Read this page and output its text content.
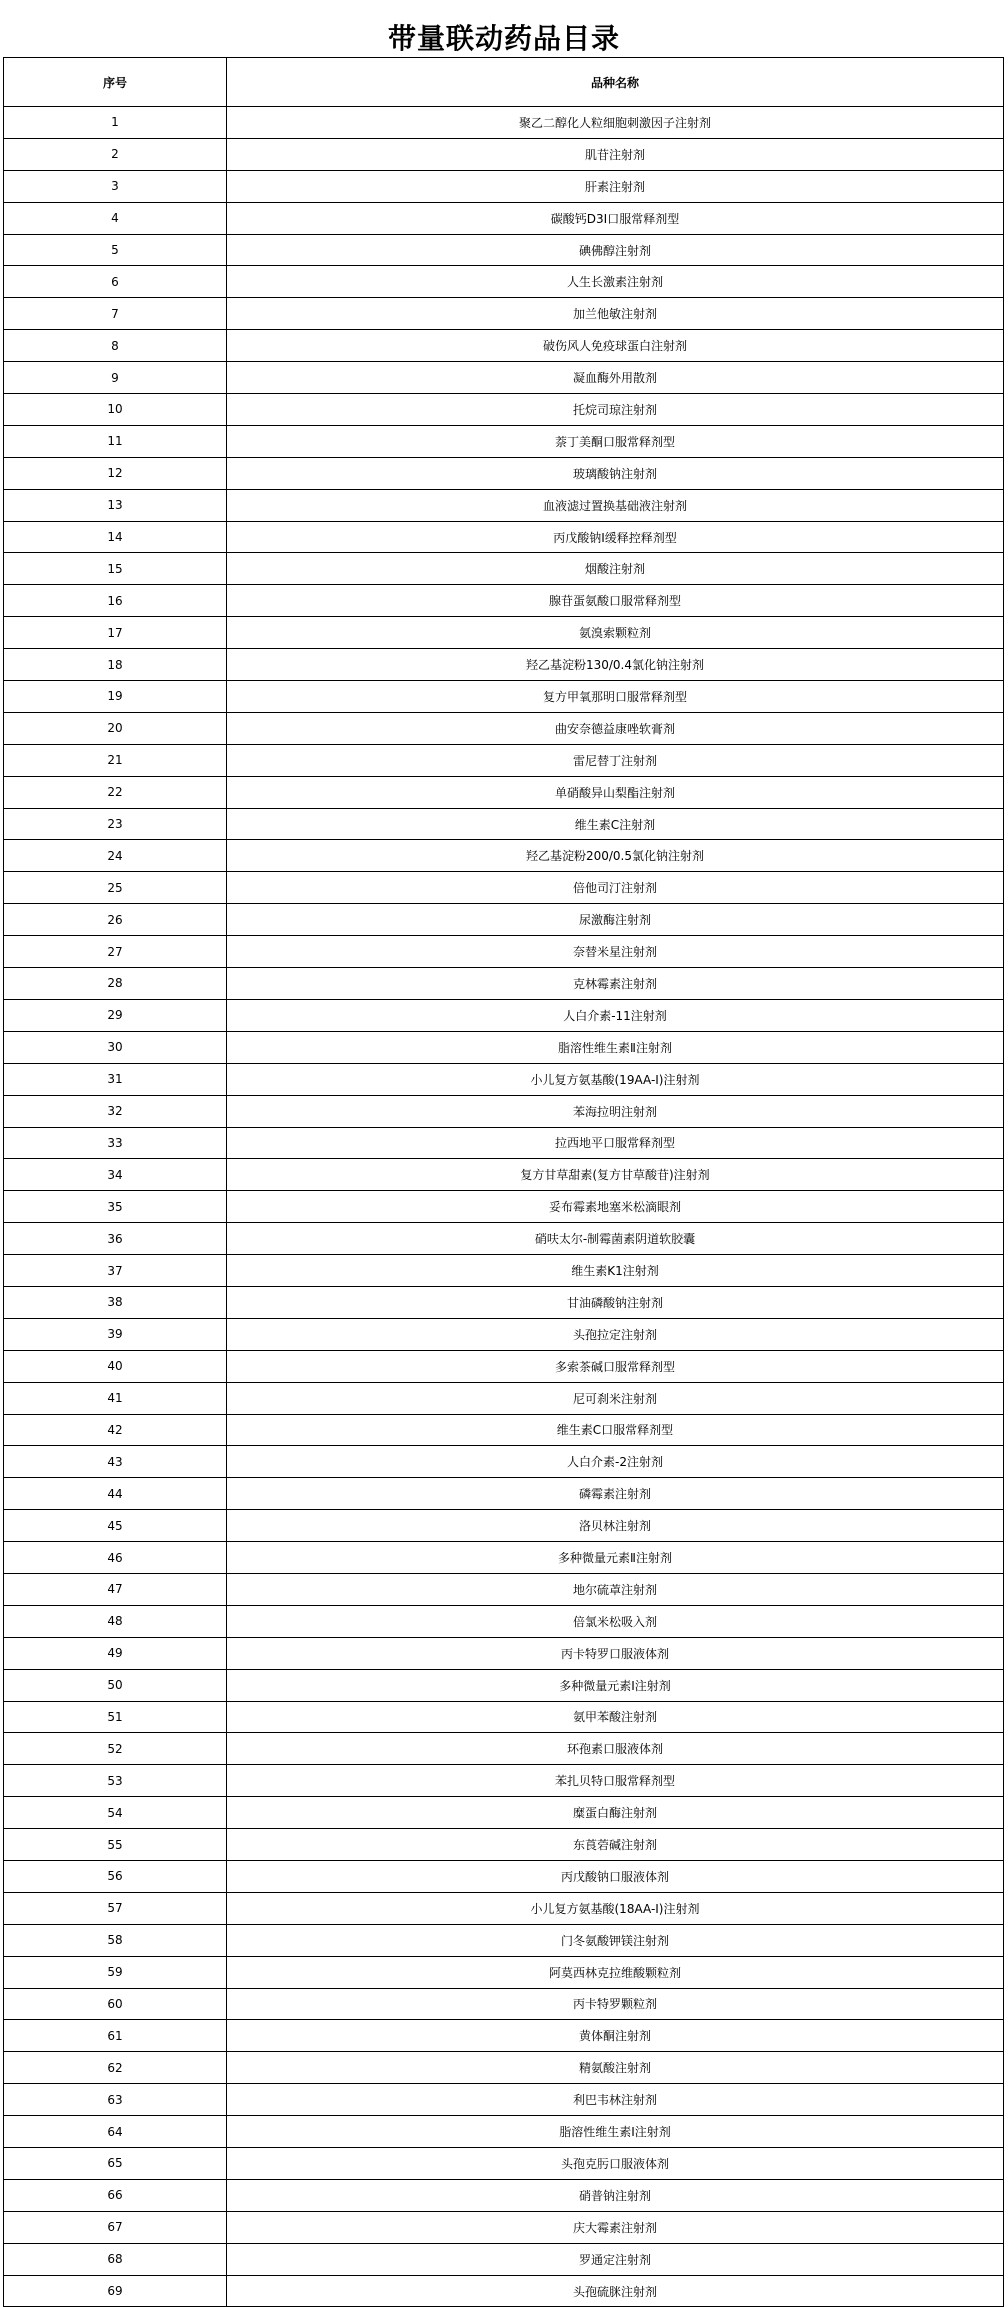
带量联动药品目录
序号	品种名称
1	聚乙二醇化人粒细胞刺激因子注射剂
2	肌苷注射剂
3	肝素注射剂
4	碳酸钙D3Ⅰ口服常释剂型
5	碘佛醇注射剂
6	人生长激素注射剂
7	加兰他敏注射剂
8	破伤风人免疫球蛋白注射剂
9	凝血酶外用散剂
10	托烷司琼注射剂
11	萘丁美酮口服常释剂型
12	玻璃酸钠注射剂
13	血液滤过置换基础液注射剂
14	丙戊酸钠Ⅰ缓释控释剂型
15	烟酸注射剂
16	腺苷蛋氨酸口服常释剂型
17	氨溴索颗粒剂
18	羟乙基淀粉130/0.4氯化钠注射剂
19	复方甲氧那明口服常释剂型
20	曲安奈德益康唑软膏剂
21	雷尼替丁注射剂
22	单硝酸异山梨酯注射剂
23	维生素C注射剂
24	羟乙基淀粉200/0.5氯化钠注射剂
25	倍他司汀注射剂
26	尿激酶注射剂
27	奈替米星注射剂
28	克林霉素注射剂
29	人白介素-11注射剂
30	脂溶性维生素Ⅱ注射剂
31	小儿复方氨基酸(19AA-Ⅰ)注射剂
32	苯海拉明注射剂
33	拉西地平口服常释剂型
34	复方甘草甜素(复方甘草酸苷)注射剂
35	妥布霉素地塞米松滴眼剂
36	硝呋太尔-制霉菌素阴道软胶囊
37	维生素K1注射剂
38	甘油磷酸钠注射剂
39	头孢拉定注射剂
40	多索茶碱口服常释剂型
41	尼可刹米注射剂
42	维生素C口服常释剂型
43	人白介素-2注射剂
44	磷霉素注射剂
45	洛贝林注射剂
46	多种微量元素Ⅱ注射剂
47	地尔硫䓬注射剂
48	倍氯米松吸入剂
49	丙卡特罗口服液体剂
50	多种微量元素Ⅰ注射剂
51	氨甲苯酸注射剂
52	环孢素口服液体剂
53	苯扎贝特口服常释剂型
54	糜蛋白酶注射剂
55	东莨菪碱注射剂
56	丙戊酸钠口服液体剂
57	小儿复方氨基酸(18AA-Ⅰ)注射剂
58	门冬氨酸钾镁注射剂
59	阿莫西林克拉维酸颗粒剂
60	丙卡特罗颗粒剂
61	黄体酮注射剂
62	精氨酸注射剂
63	利巴韦林注射剂
64	脂溶性维生素Ⅰ注射剂
65	头孢克肟口服液体剂
66	硝普钠注射剂
67	庆大霉素注射剂
68	罗通定注射剂
69	头孢硫脒注射剂
